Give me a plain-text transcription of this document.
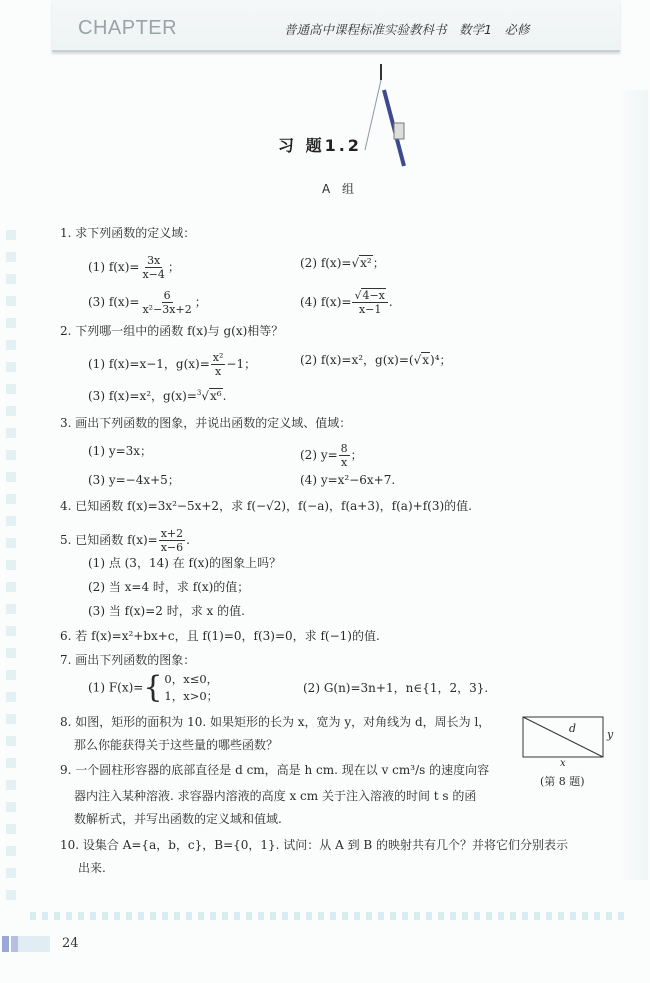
CHAPTER	普通高中课程标准实验教科书　数学1　必修
习 题1.2
A 组
1. 求下列函数的定义域：
(1) $f(x)= \frac{3x}{x-4}$ ；	(2) f(x)=√x²；
(3) $f(x)= \frac{6}{\text{x²−3x+2}}$ ；	(4) $f(x)= \frac{√4-x}{x-1}$ .
2. 下列哪一组中的函数 f(x)与 g(x)相等？
(1) f(x)=x−1，$g(x)= \frac{\text{x²}}{x} -1$；	(2) f(x)=x²，g(x)=(√x)⁴；
(3) f(x)=x²，g(x)=$^3$√x⁶.
3. 画出下列函数的图象，并说出函数的定义域、值域：
(1) y=3x；	(2) $y= \frac{8}{x}$ ；
(3) y=−4x+5；	(4) y=x²−6x+7.
4. 已知函数 f(x)=3x²−5x+2，求 f(−√2)，f(−a)，f(a+3)，f(a)+f(3)的值.
5. 已知函数 $f(x)= \frac{x+2}{x-6}$ .
(1) 点 (3，14) 在 f(x)的图象上吗？
(2) 当 x=4 时，求 f(x)的值；
(3) 当 f(x)=2 时，求 x 的值.
6. 若 f(x)=x²+bx+c，且 f(1)=0，f(3)=0，求 f(−1)的值.
7. 画出下列函数的图象：
(1) F(x)= { 0，x≤0，
1，x>0；
(2) G(n)=3n+1，n∈{1，2，3}.
8. 如图，矩形的面积为 10. 如果矩形的长为 x，宽为 y，对角线为 d，周长为 l，
那么你能获得关于这些量的哪些函数？
9. 一个圆柱形容器的底部直径是 d cm，高是 h cm. 现在以 v cm³/s 的速度向容
器内注入某种溶液. 求容器内溶液的高度 x cm 关于注入溶液的时间 t s 的函
数解析式，并写出函数的定义域和值域.
10. 设集合 A={a，b，c}，B={0，1}. 试问：从 A 到 B 的映射共有几个？并将它们分别表示
出来.
d	y
x
(第 8 题)
24
